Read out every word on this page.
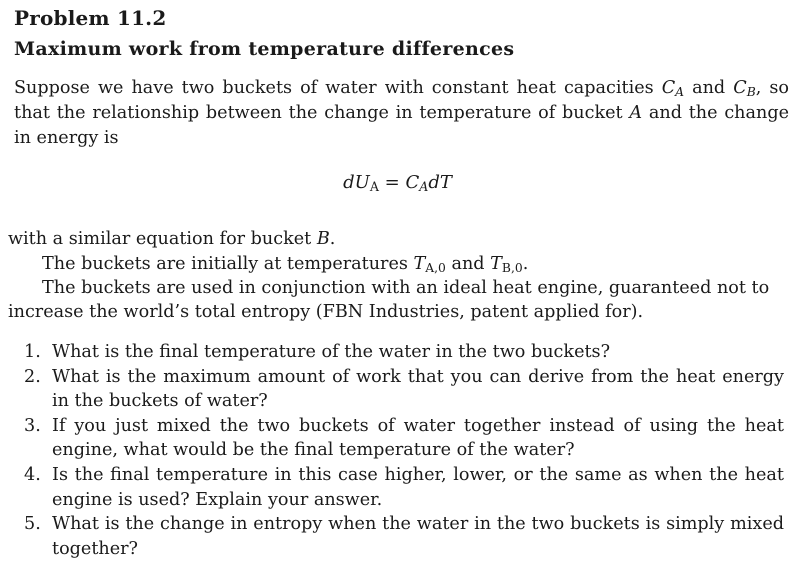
Problem 11.2
Maximum work from temperature differences
Suppose we have two buckets of water with constant heat capacities $C_A$ and $C_B$, so that the relationship between the change in temperature of bucket A and the change in energy is
$dU_A = C_AdT$
with a similar equation for bucket B.
The buckets are initially at temperatures $T_{A,0}$ and $T_{B,0}$.
The buckets are used in conjunction with an ideal heat engine, guaranteed not to
increase the world’s total entropy (FBN Industries, patent applied for).
1. What is the final temperature of the water in the two buckets?
2. What is the maximum amount of work that you can derive from the heat energy in the buckets of water?
3. If you just mixed the two buckets of water together instead of using the heat engine, what would be the final temperature of the water?
4. Is the final temperature in this case higher, lower, or the same as when the heat engine is used? Explain your answer.
5. What is the change in entropy when the water in the two buckets is simply mixed together?
